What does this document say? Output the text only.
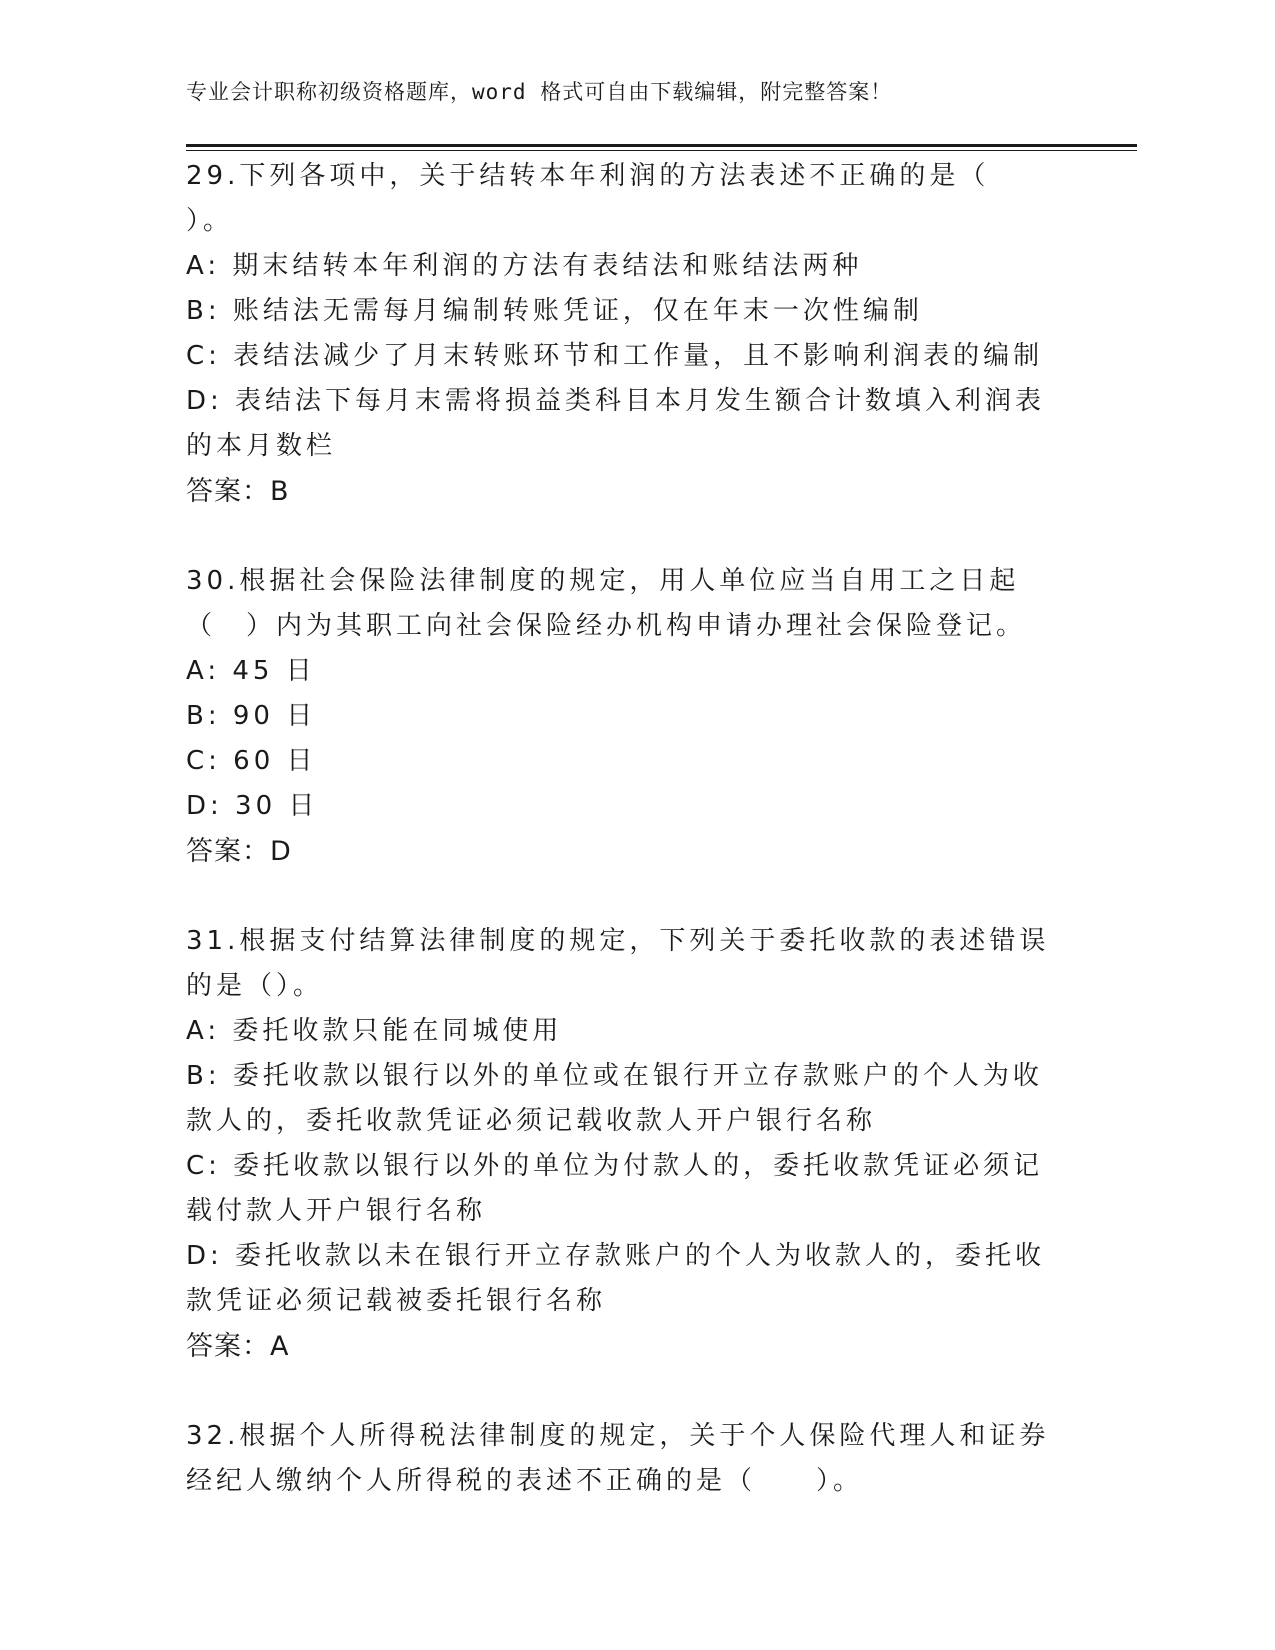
专业会计职称初级资格题库，word 格式可自由下载编辑，附完整答案！
29.下列各项中，关于结转本年利润的方法表述不正确的是（　　）。
A: 期末结转本年利润的方法有表结法和账结法两种
B: 账结法无需每月编制转账凭证，仅在年末一次性编制
C: 表结法减少了月末转账环节和工作量，且不影响利润表的编制
D: 表结法下每月末需将损益类科目本月发生额合计数填入利润表的本月数栏
答案：B
30.根据社会保险法律制度的规定，用人单位应当自用工之日起（　）内为其职工向社会保险经办机构申请办理社会保险登记。
A: 45 日
B: 90 日
C: 60 日
D: 30 日
答案：D
31.根据支付结算法律制度的规定，下列关于委托收款的表述错误的是（）。
A: 委托收款只能在同城使用
B: 委托收款以银行以外的单位或在银行开立存款账户的个人为收款人的，委托收款凭证必须记载收款人开户银行名称
C: 委托收款以银行以外的单位为付款人的，委托收款凭证必须记载付款人开户银行名称
D: 委托收款以未在银行开立存款账户的个人为收款人的，委托收款凭证必须记载被委托银行名称
答案：A
32.根据个人所得税法律制度的规定，关于个人保险代理人和证券经纪人缴纳个人所得税的表述不正确的是（　　）。
